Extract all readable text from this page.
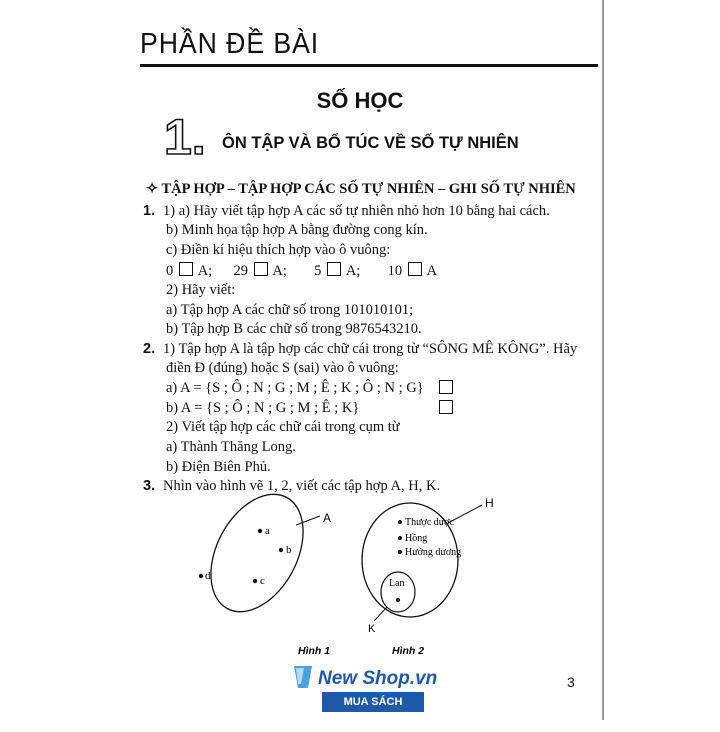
PHẦN ĐỀ BÀI
SỐ HỌC
1. ÔN TẬP VÀ BỔ TÚC VỀ SỐ TỰ NHIÊN
✧ TẬP HỢP – TẬP HỢP CÁC SỐ TỰ NHIÊN – GHI SỐ TỰ NHIÊN
1. 1) a) Hãy viết tập hợp A các số tự nhiên nhỏ hơn 10 bằng hai cách.
b) Minh họa tập hợp A bằng đường cong kín.
c) Điền kí hiệu thích hợp vào ô vuông:
0 A; 29 A; 5 A; 10 A
2) Hãy viết:
a) Tập hợp A các chữ số trong 101010101;
b) Tập hợp B các chữ số trong 9876543210.
2. 1) Tập hợp A là tập hợp các chữ cái trong từ “SÔNG MÊ KÔNG”. Hãy
điền Đ (đúng) hoặc S (sai) vào ô vuông:
a) A = {S ; Ô ; N ; G ; M ; Ê ; K ; Ô ; N ; G}
b) A = {S ; Ô ; N ; G ; M ; Ê ; K}
2) Viết tập hợp các chữ cái trong cụm từ
a) Thành Thăng Long.
b) Điện Biên Phủ.
3. Nhìn vào hình vẽ 1, 2, viết các tập hợp A, H, K.
A
a
b
c
d
Hình 1
H
Thược dược
Hồng
Hướng dương
Lan
K
Hình 2
3
New Shop.vn
MUA SÁCH ONLINE
